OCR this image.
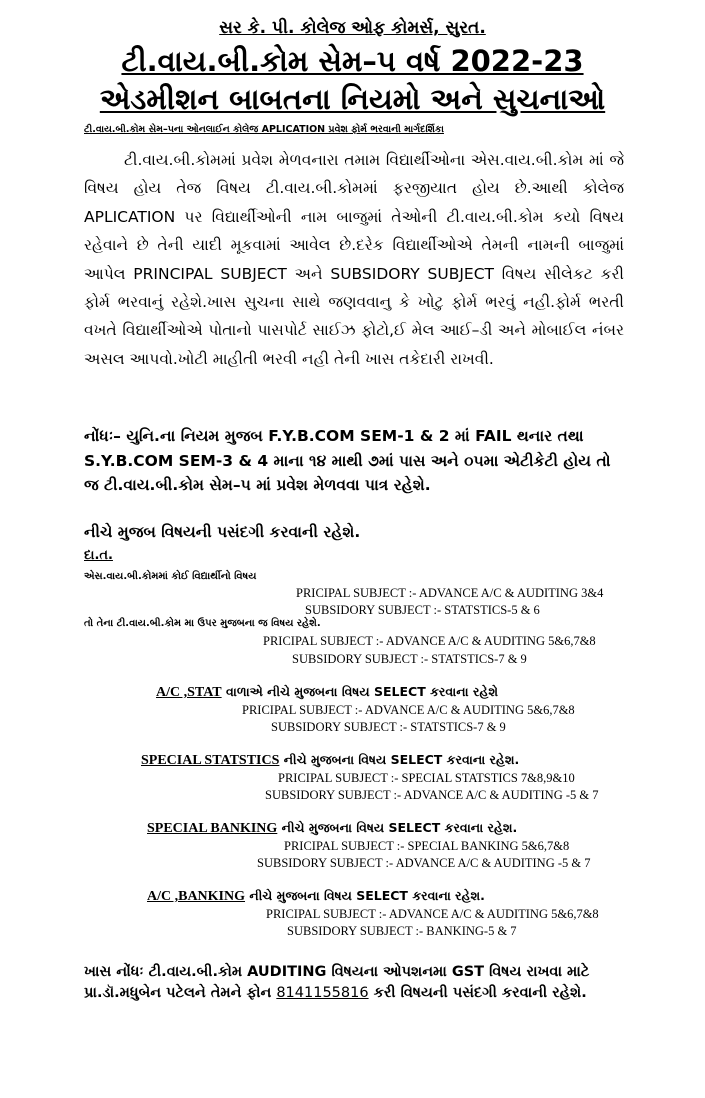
સર કે. પી. કોલેજ ઓફ કોમર્સ, સુરત.
ટી.વાય.બી.કોમ સેમ–૫ વર્ષ 2022-23
એડમીશન બાબતના નિયમો અને સુચનાઓ
ટી.વાય.બી.કોમ સેમ–૫ના ઓનલાઈન કોલેજ APLICATION પ્રવેશ ફોર્મ ભરવાની માર્ગદર્શિકા
ટી.વાય.બી.કોમમાં પ્રવેશ મેળવનારા તમામ વિદ્યાર્થીઓના એસ.વાય.બી.કોમ માં જે વિષય હોય તેજ વિષય ટી.વાય.બી.કોમમાં ફરજીયાત હોય છે.આથી કોલેજ APLICATION પર વિદ્યાર્થીઓની નામ બાજુમાં તેઓની ટી.વાય.બી.કોમ કયો વિષય રહેવાને છે તેની યાદી મૂકવામાં આવેલ છે.દરેક વિદ્યાર્થીઓએ તેમની નામની બાજુમાં આપેલ PRINCIPAL SUBJECT અને SUBSIDORY SUBJECT વિષય સીલેકટ કરી ફોર્મ ભરવાનું રહેશે.ખાસ સુચના સાથે જણવવાનુ કે ખોટુ ફોર્મ ભરવું નહી.ફોર્મ ભરતી વખતે વિદ્યાર્થીઓએ પોતાનો પાસપોર્ટ સાઈઝ ફોટો,ઈ મેલ આઈ–ડી અને મોબાઈલ નંબર અસલ આપવો.ખોટી માહીતી ભરવી નહી તેની ખાસ તકેદારી રાખવી.
નોંધઃ– યુનિ.ના નિયમ મુજબ F.Y.B.COM SEM-1 & 2 માં FAIL થનાર તથા S.Y.B.COM SEM-3 & 4 માના ૧૪ માથી ૭માં પાસ અને ૦૫મા એટીકેટી હોય તો જ ટી.વાય.બી.કોમ સેમ–૫ માં પ્રવેશ મેળવવા પાત્ર રહેશે.
નીચે મુજબ વિષયની પસંદગી કરવાની રહેશે.
દા.ત.
એસ.વાય.બી.કોમમાં કોઈ વિદ્યાર્થીનો વિષય
PRICIPAL SUBJECT :- ADVANCE A/C & AUDITING 3&4
SUBSIDORY SUBJECT :- STATSTICS-5 & 6
તો તેના ટી.વાય.બી.કોમ મા ઉપર મુજબના જ વિષય રહેશે.
PRICIPAL SUBJECT :- ADVANCE A/C & AUDITING 5&6,7&8
SUBSIDORY SUBJECT :- STATSTICS-7 & 9
A/C ,STAT વાળાએ નીચે મુજબના વિષય SELECT કરવાના રહેશે
PRICIPAL SUBJECT :- ADVANCE A/C & AUDITING 5&6,7&8
SUBSIDORY SUBJECT :- STATSTICS-7 & 9
SPECIAL STATSTICS નીચે મુજબના વિષય SELECT કરવાના રહેશ.
PRICIPAL SUBJECT :- SPECIAL STATSTICS 7&8,9&10
SUBSIDORY SUBJECT :- ADVANCE A/C & AUDITING -5 & 7
SPECIAL BANKING નીચે મુજબના વિષય SELECT કરવાના રહેશ.
PRICIPAL SUBJECT :- SPECIAL BANKING 5&6,7&8
SUBSIDORY SUBJECT :- ADVANCE A/C & AUDITING -5 & 7
A/C ,BANKING નીચે મુજબના વિષય SELECT કરવાના રહેશ.
PRICIPAL SUBJECT :- ADVANCE A/C & AUDITING 5&6,7&8
SUBSIDORY SUBJECT :- BANKING-5 & 7
ખાસ નોંધઃ ટી.વાય.બી.કોમ AUDITING વિષયના ઓપશનમા GST વિષય રાખવા માટે પ્રા.ડૉ.મધુબેન પટેલને તેમને ફોન 8141155816 કરી વિષયની પસંદગી કરવાની રહેશે.
